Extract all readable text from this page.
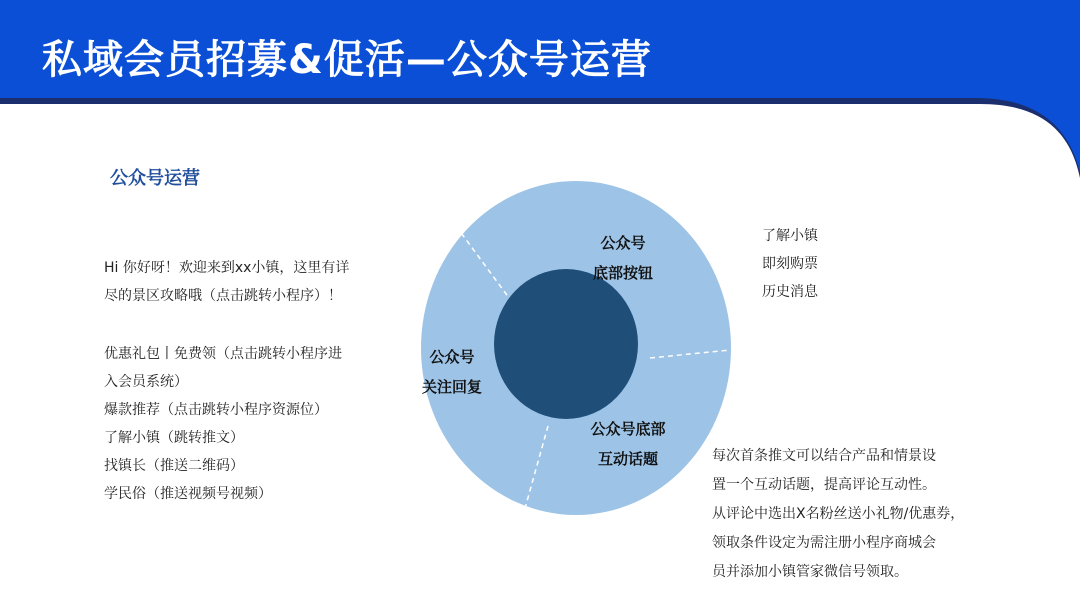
私域会员招募&促活—公众号运营
公众号运营
Hi 你好呀！欢迎来到xx小镇，这里有详
尽的景区攻略哦（点击跳转小程序）！
优惠礼包丨免费领（点击跳转小程序进
入会员系统）
爆款推荐（点击跳转小程序资源位）
了解小镇（跳转推文）
找镇长（推送二维码）
学民俗（推送视频号视频）
公众号
底部按钮
公众号
关注回复
公众号底部
互动话题
了解小镇
即刻购票
历史消息
每次首条推文可以结合产品和情景设
置一个互动话题，提高评论互动性。
从评论中选出X名粉丝送小礼物/优惠券，
领取条件设定为需注册小程序商城会
员并添加小镇管家微信号领取。
